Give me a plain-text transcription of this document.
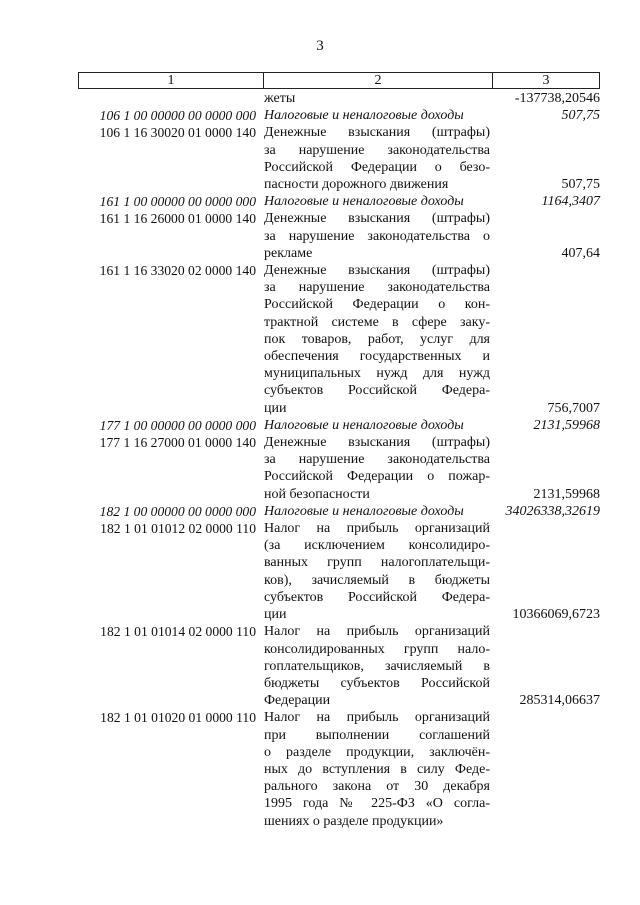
3
1	2	3
жеты	-137738,20546
106 1 00 00000 00 0000 000 Налоговые и неналоговые доходы	507,75
106 1 16 30020 01 0000 140 Денежные взыскания (штрафы)
за нарушение законодательства
Российской Федерации о безо-
пасности дорожного движения	507,75
161 1 00 00000 00 0000 000 Налоговые и неналоговые доходы	1164,3407
161 1 16 26000 01 0000 140 Денежные взыскания (штрафы)
за нарушение законодательства о
рекламе	407,64
161 1 16 33020 02 0000 140 Денежные взыскания (штрафы)
за нарушение законодательства
Российской Федерации о кон-
трактной системе в сфере заку-
пок товаров, работ, услуг для
обеспечения государственных и
муниципальных нужд для нужд
субъектов Российской Федера-
ции	756,7007
177 1 00 00000 00 0000 000 Налоговые и неналоговые доходы	2131,59968
177 1 16 27000 01 0000 140 Денежные взыскания (штрафы)
за нарушение законодательства
Российской Федерации о пожар-
ной безопасности	2131,59968
182 1 00 00000 00 0000 000 Налоговые и неналоговые доходы	34026338,32619
182 1 01 01012 02 0000 110 Налог на прибыль организаций
(за исключением консолидиро-
ванных групп налогоплательщи-
ков), зачисляемый в бюджеты
субъектов Российской Федера-
ции	10366069,6723
182 1 01 01014 02 0000 110 Налог на прибыль организаций
консолидированных групп нало-
гоплательщиков, зачисляемый в
бюджеты субъектов Российской
Федерации	285314,06637
182 1 01 01020 01 0000 110 Налог на прибыль организаций
при выполнении соглашений
о разделе продукции, заключён-
ных до вступления в силу Феде-
рального закона от 30 декабря
1995 года № 225-ФЗ «О согла-
шениях о разделе продукции»
